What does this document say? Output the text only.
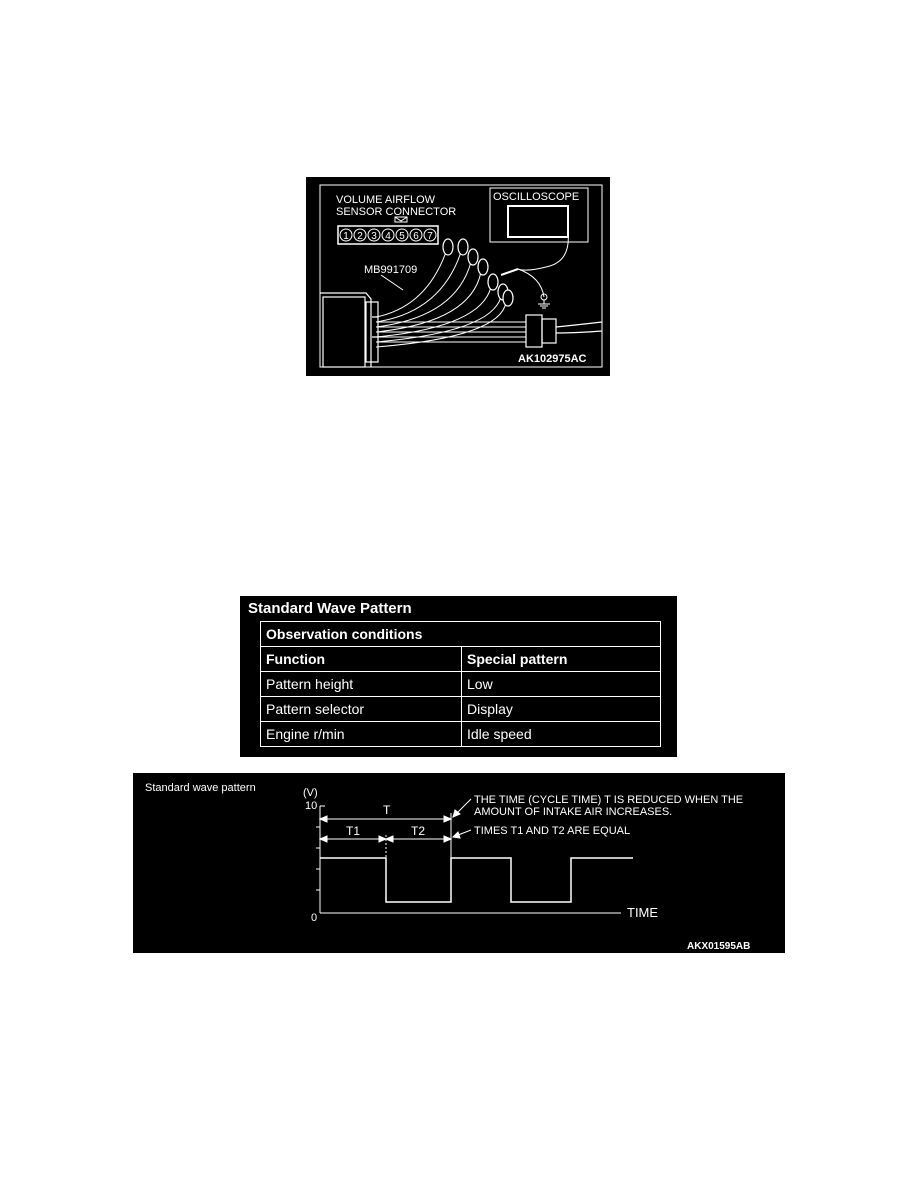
VOLUME AIRFLOW
SENSOR CONNECTOR
1 2 3 4 5 6 7
OSCILLOSCOPE
MB991709
AK102975AC
Standard Wave Pattern
Observation conditions	
Function	Special pattern
Pattern height	Low
Pattern selector	Display
Engine r/min	Idle speed
Standard wave pattern	(V)
10
0	TIME
T
T1	T2
THE TIME (CYCLE TIME) T IS REDUCED WHEN THE
AMOUNT OF INTAKE AIR INCREASES.
TIMES T1 AND T2 ARE EQUAL
AKX01595AB
